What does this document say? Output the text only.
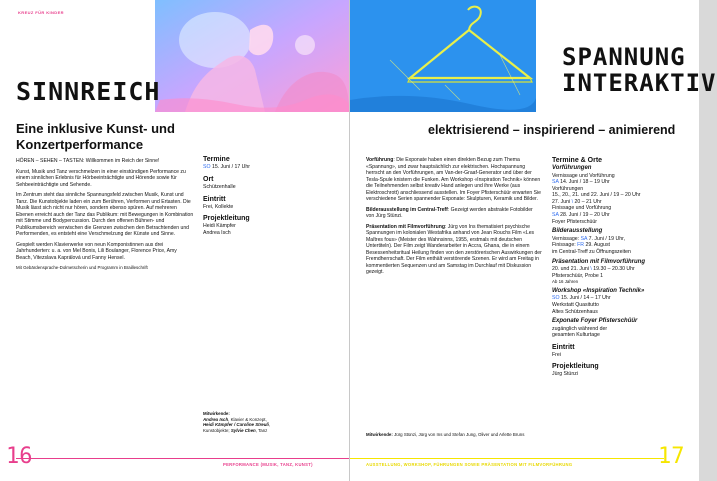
KREUZ FÜR KINDER
SINNREICH
Eine inklusive Kunst- und
Konzertperformance

HÖREN – SEHEN – TASTEN: Willkommen im Reich der Sinne!

Kunst, Musik und Tanz verschmelzen in einer einstündigen Performance zu einem sinnlichen Erlebnis für Hörbeeinträchtigte und Hörende sowie für Sehbeeinträchtigte und Sehende.

Im Zentrum steht das sinnliche Spannungsfeld zwischen Musik, Kunst und Tanz. Die Kunstobjekte laden ein zum Berühren, Verformen und Ertasten. Die Musik lässt sich nicht nur hören, sondern ebenso spüren. Auf mehreren Ebenen erreicht auch der Tanz das Publikum: mit Bewegungen in Kombination mit Stimme und Bodypercussion. Durch den offenen Bühnen- und Publikumsbereich verwischen die Grenzen zwischen den Betrachtenden und Performenden, es entsteht eine Verschmelzung der Künste und Sinne.

Gespielt werden Klavierwerke von neun Komponistinnen aus drei Jahrhunderten: u. a. von Mel Bonis, Lili Boulanger, Florence Price, Amy Beach, Vitezslava Kaprálová und Fanny Hensel.

Mit Gebärdensprache-Dolmetscherin und Programm in Brailleschrift

Termine

SO 15. Juni / 17 Uhr

Ort

Schützenhalle

Eintritt

Frei, Kollekte

Projektleitung

Heidi Kämpfer

Andrea Isch

Mitwirkende:
Andrea Isch, Klavier & Konzept,
Heidi Kämpfer / Caroline Streuli,
Kunstobjekte; Sylvie Chen, Tanz
16	PERFORMANCE (MUSIK, TANZ, KUNST)
SPANNUNG
INTERAKTIV
elektrisierend – inspirierend – animierend

Vorführung: Die Exponate haben einen direkten Bezug zum Thema «Spannung», und zwar hauptsächlich zur elektrischen. Hochspannung herrscht an den Vorführungen, am Van-der-Graaf-Generator und über der Tesla-Spule knistern die Funken. Am Workshop «Inspiration Technik» können die Teilnehmenden selbst kreativ Hand anlegen und ihre Werke (aus Elektroschrott) anschliessend ausstellen. Im Foyer Pfisterschüür erwarten Sie verschiedene Serien spannender Exponate: Skulpturen, Keramik und Bilder.

Bilderausstellung im Central-Treff: Gezeigt werden abstrakte Fotobilder von Jürg Stünzi.

Präsentation mit Filmvorführung: Jürg von Ins thematisiert psychische Spannungen im kolonialen Westafrika anhand von Jean Rouchs Film «Les Maîtres fous» (Meister des Wahnsinns, 1955, erstmals mit deutschen Untertiteln). Der Film zeigt Wanderarbeiter in Accra, Ghana, die in einem Besessenheitsritual Heilung finden von den zerstörerischen Auswirkungen der Fremdherrschaft. Der Film enthält verstörende Szenen. Er wird am Freitag in kommentierten Sequenzen und am Samstag im Durchlauf mit Diskussion gezeigt.

Mitwirkende: Jürg Stünzi, Jürg von Ins und Stefan Jung, Oliver und Arlette Bruns
Termine & Orte
Vorführungen
Vernissage und Vorführung
SA 14. Juni / 18 – 19 Uhr
Vorführungen
15., 20., 21. und 22. Juni / 19 – 20 Uhr
27. Juni \ 20 – 21 Uhr
Finissage und Vorführung
SA 28. Juni / 19 – 20 Uhr
Foyer Pfisterschüür
Bilderausstellung
Vernissage: SA 7. Juni / 19 Uhr,
Finissage: FR 29. August
im Central-Treff zu Öffnungszeiten
Präsentation mit Filmvorführung
20. und 21. Juni \ 19.30 – 20.30 Uhr
Pfisterschüür, Probe 1
Ab 16 Jahren
Workshop «Inspiration Technik»
SO 15. Juni / 14 – 17 Uhr
Werkstatt Quasitutto
Altes Schützenhaus
Exponate Foyer Pfisterschüür
zugänglich während der
gesamten Kulturtage
Eintritt
Frei
Projektleitung
Jürg Stünzi
AUSSTELLUNG, WORKSHOP, FÜHRUNGEN SOWIE PRÄSENTATION MIT FILMVORFÜHRUNG	17
